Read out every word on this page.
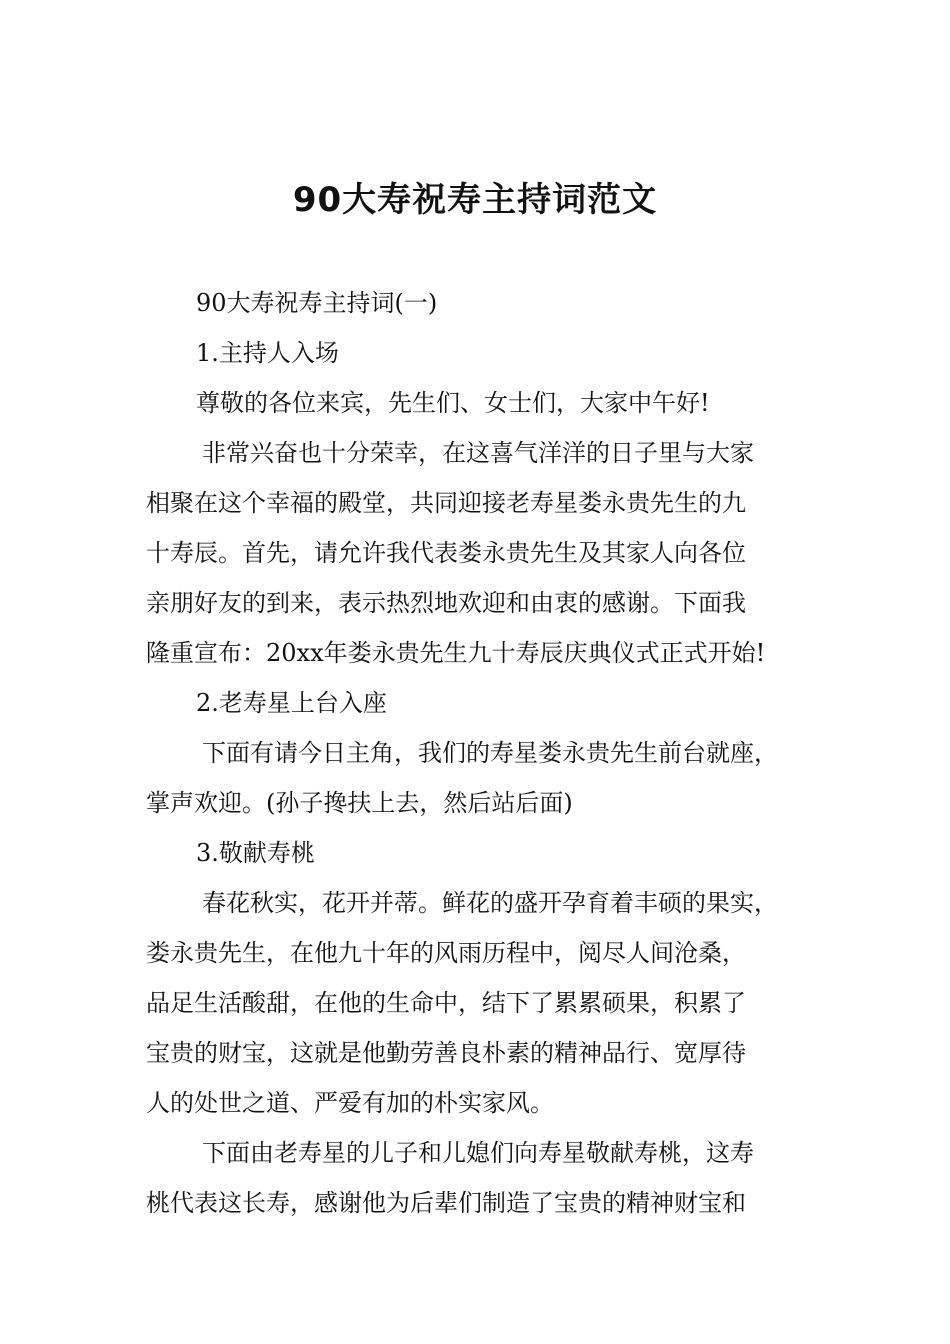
90大寿祝寿主持词范文

90大寿祝寿主持词(一)

1.主持人入场

尊敬的各位来宾，先生们、女士们，大家中午好!

非常兴奋也十分荣幸，在这喜气洋洋的日子里与大家

相聚在这个幸福的殿堂，共同迎接老寿星娄永贵先生的九

十寿辰。首先，请允许我代表娄永贵先生及其家人向各位

亲朋好友的到来，表示热烈地欢迎和由衷的感谢。下面我

隆重宣布：20xx年娄永贵先生九十寿辰庆典仪式正式开始!

2.老寿星上台入座

下面有请今日主角，我们的寿星娄永贵先生前台就座，

掌声欢迎。(孙子搀扶上去，然后站后面)

3.敬献寿桃

春花秋实，花开并蒂。鲜花的盛开孕育着丰硕的果实，

娄永贵先生，在他九十年的风雨历程中，阅尽人间沧桑，

品足生活酸甜，在他的生命中，结下了累累硕果，积累了

宝贵的财宝，这就是他勤劳善良朴素的精神品行、宽厚待

人的处世之道、严爱有加的朴实家风。

下面由老寿星的儿子和儿媳们向寿星敬献寿桃，这寿

桃代表这长寿，感谢他为后辈们制造了宝贵的精神财宝和
